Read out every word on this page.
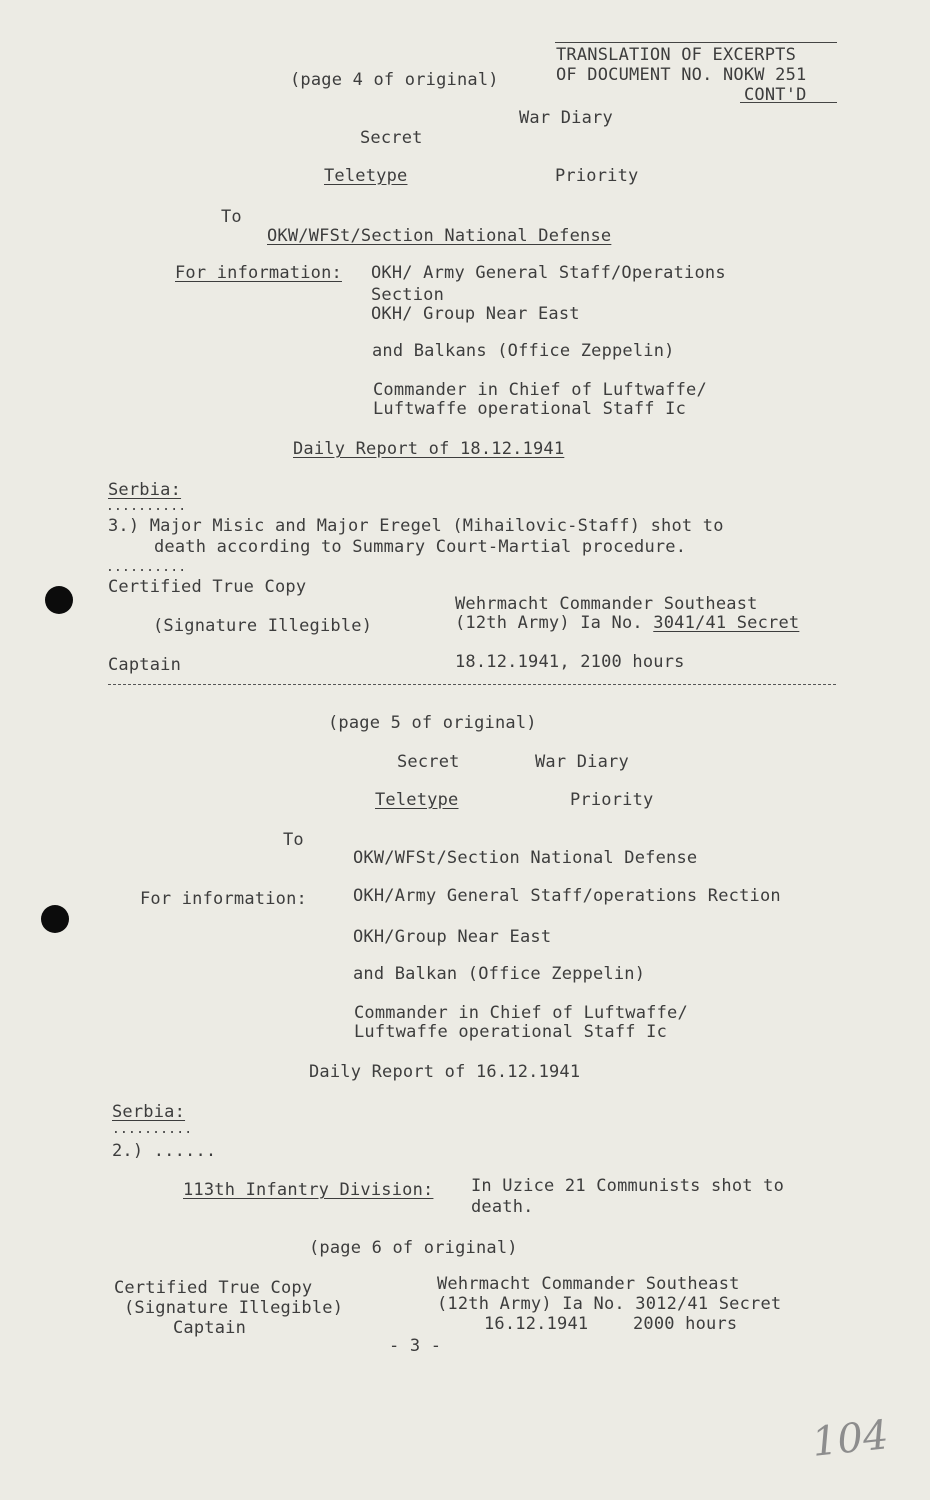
(page 4 of original)
TRANSLATION OF EXCERPTS
OF DOCUMENT NO. NOKW 251
CONT'D
War Diary
Secret
Teletype	Priority
To
OKW/WFSt/Section National Defense
For information: OKH/ Army General Staff/Operations
Section
OKH/ Group Near East
and Balkans (Office Zeppelin)
Commander in Chief of Luftwaffe/
Luftwaffe operational Staff Ic
Daily Report of 18.12.1941
Serbia:
..........
3.) Major Misic and Major Eregel (Mihailovic-Staff) shot to
death according to Summary Court-Martial procedure.
..........
Certified True Copy
(Signature Illegible)
Captain
Wehrmacht Commander Southeast
(12th Army) Ia No. 3041/41 Secret
18.12.1941, 2100 hours
(page 5 of original)
Secret	War Diary
Teletype	Priority
To
OKW/WFSt/Section National Defense
For information:	OKH/Army General Staff/operations Rection
OKH/Group Near East
and Balkan (Office Zeppelin)
Commander in Chief of Luftwaffe/
Luftwaffe operational Staff Ic
Daily Report of 16.12.1941
Serbia:
..........
2.) ......
113th Infantry Division: In Uzice 21 Communists shot to
death.
(page 6 of original)
Certified True Copy
(Signature Illegible)
Captain
Wehrmacht Commander Southeast
(12th Army) Ia No. 3012/41 Secret
16.12.1941	2000 hours
- 3 -
104
